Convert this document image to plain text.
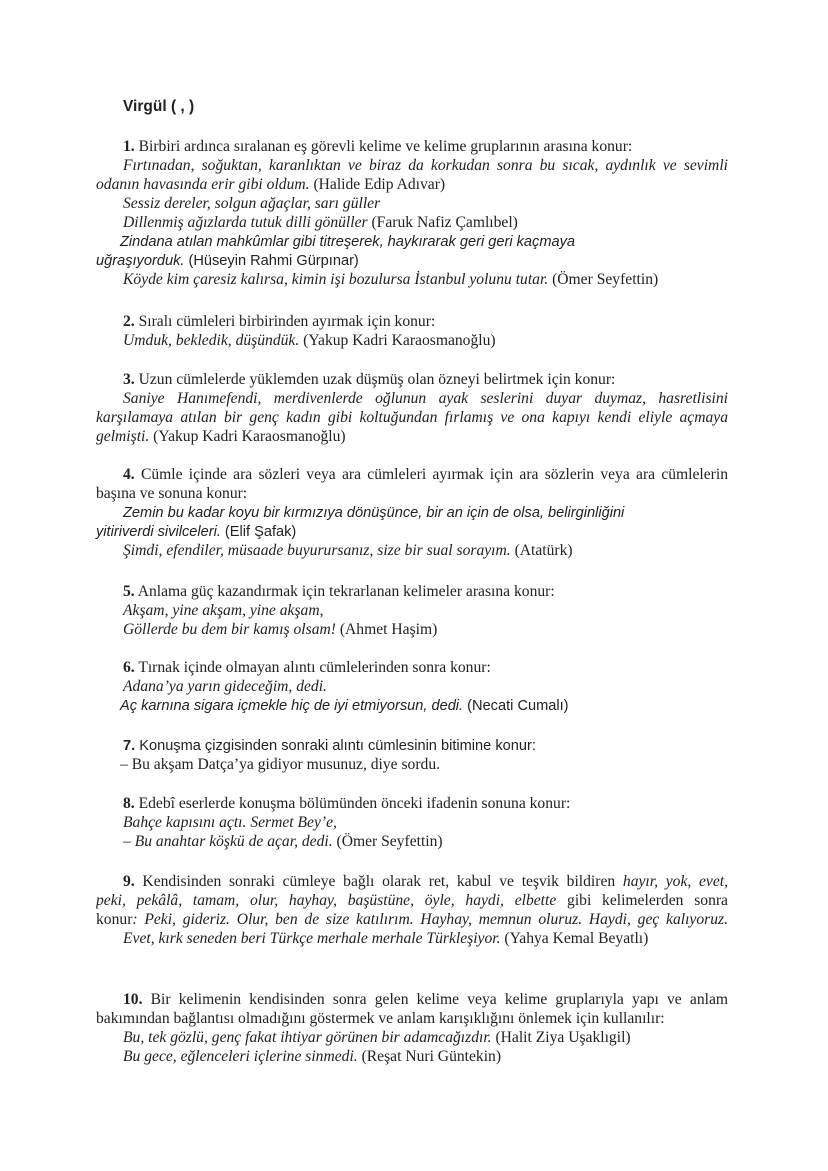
Virgül ( , )
1. Birbiri ardınca sıralanan eş görevli kelime ve kelime gruplarının arasına konur:
Fırtınadan, soğuktan, karanlıktan ve biraz da korkudan sonra bu sıcak, aydınlık ve sevimli
odanın havasında erir gibi oldum. (Halide Edip Adıvar)
Sessiz dereler, solgun ağaçlar, sarı güller
Dillenmiş ağızlarda tutuk dilli gönüller (Faruk Nafiz Çamlıbel)
Zindana atılan mahkûmlar gibi titreşerek, haykırarak geri geri kaçmaya
uğraşıyorduk. (Hüseyin Rahmi Gürpınar)
Köyde kim çaresiz kalırsa, kimin işi bozulursa İstanbul yolunu tutar. (Ömer Seyfettin)
2. Sıralı cümleleri birbirinden ayırmak için konur:
Umduk, bekledik, düşündük. (Yakup Kadri Karaosmanoğlu)
3. Uzun cümlelerde yüklemden uzak düşmüş olan özneyi belirtmek için konur:
Saniye Hanımefendi, merdivenlerde oğlunun ayak seslerini duyar duymaz, hasretlisini
karşılamaya atılan bir genç kadın gibi koltuğundan fırlamış ve ona kapıyı kendi eliyle açmaya
gelmişti. (Yakup Kadri Karaosmanoğlu)
4. Cümle içinde ara sözleri veya ara cümleleri ayırmak için ara sözlerin veya ara cümlelerin
başına ve sonuna konur:
Zemin bu kadar koyu bir kırmızıya dönüşünce, bir an için de olsa, belirginliğini
yitiriverdi sivilceleri. (Elif Şafak)
Şimdi, efendiler, müsaade buyurursanız, size bir sual sorayım. (Atatürk)
5. Anlama güç kazandırmak için tekrarlanan kelimeler arasına konur:
Akşam, yine akşam, yine akşam,
Göllerde bu dem bir kamış olsam! (Ahmet Haşim)
6. Tırnak içinde olmayan alıntı cümlelerinden sonra konur:
Adana’ya yarın gideceğim, dedi.
Aç karnına sigara içmekle hiç de iyi etmiyorsun, dedi. (Necati Cumalı)
7. Konuşma çizgisinden sonraki alıntı cümlesinin bitimine konur:
– Bu akşam Datça’ya gidiyor musunuz, diye sordu.
8. Edebî eserlerde konuşma bölümünden önceki ifadenin sonuna konur:
Bahçe kapısını açtı. Sermet Bey’e,
– Bu anahtar köşkü de açar, dedi. (Ömer Seyfettin)
9. Kendisinden sonraki cümleye bağlı olarak ret, kabul ve teşvik bildiren hayır, yok, evet,
peki, pekâlâ, tamam, olur, hayhay, başüstüne, öyle, haydi, elbette gibi kelimelerden sonra
konur: Peki, gideriz. Olur, ben de size katılırım. Hayhay, memnun oluruz. Haydi, geç kalıyoruz.
Evet, kırk seneden beri Türkçe merhale merhale Türkleşiyor. (Yahya Kemal Beyatlı)
10. Bir kelimenin kendisinden sonra gelen kelime veya kelime gruplarıyla yapı ve anlam
bakımından bağlantısı olmadığını göstermek ve anlam karışıklığını önlemek için kullanılır:
Bu, tek gözlü, genç fakat ihtiyar görünen bir adamcağızdır. (Halit Ziya Uşaklıgil)
Bu gece, eğlenceleri içlerine sinmedi. (Reşat Nuri Güntekin)
